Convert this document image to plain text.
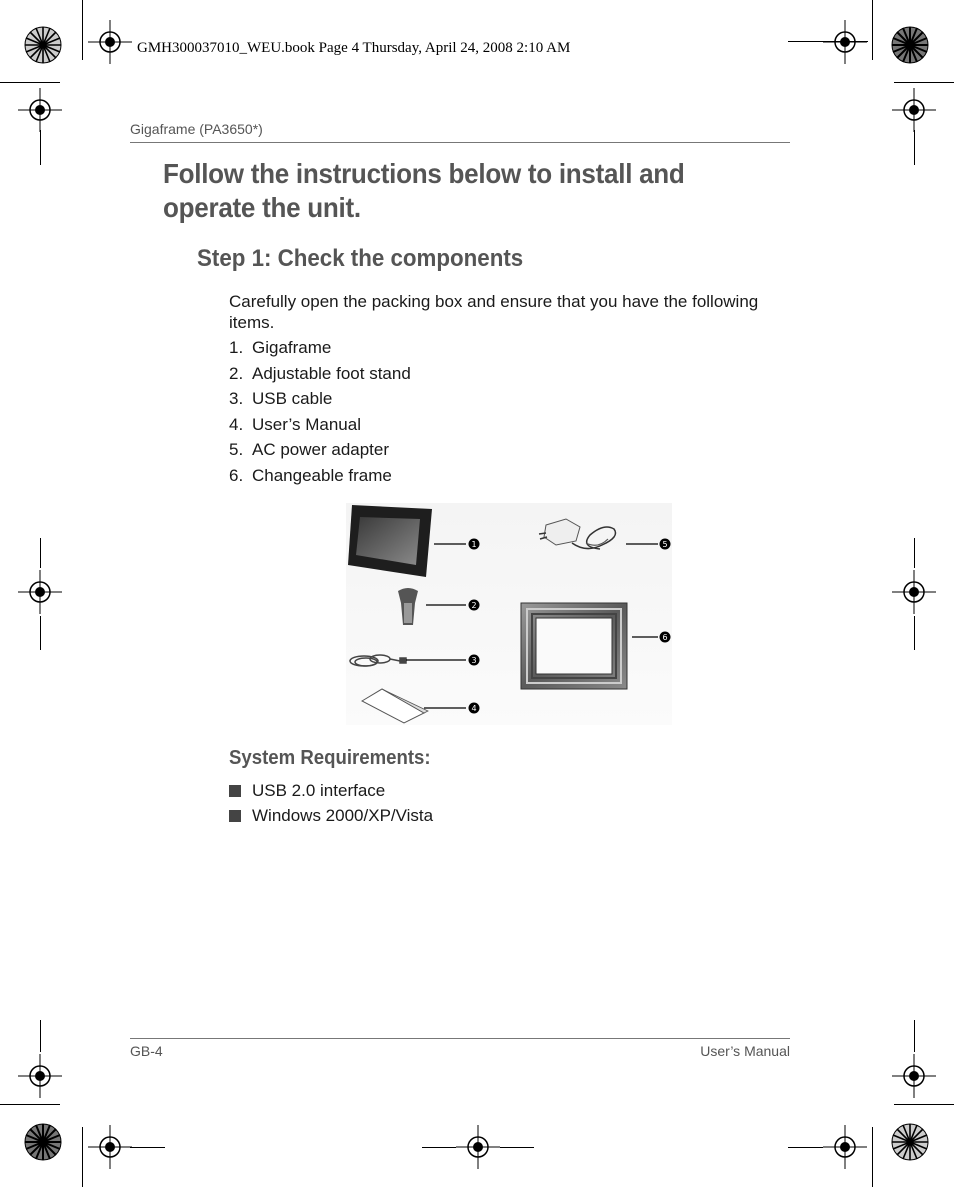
GMH300037010_WEU.book Page 4 Thursday, April 24, 2008 2:10 AM
Gigaframe (PA3650*)
Follow the instructions below to install and operate the unit.
Step 1: Check the components
Carefully open the packing box and ensure that you have the following items.
1. Gigaframe
2. Adjustable foot stand
3. USB cable
4. User’s Manual
5. AC power adapter
6. Changeable frame
1
2
3
4
5
6
System Requirements:
USB 2.0 interface
Windows 2000/XP/Vista
GB-4	User’s Manual
